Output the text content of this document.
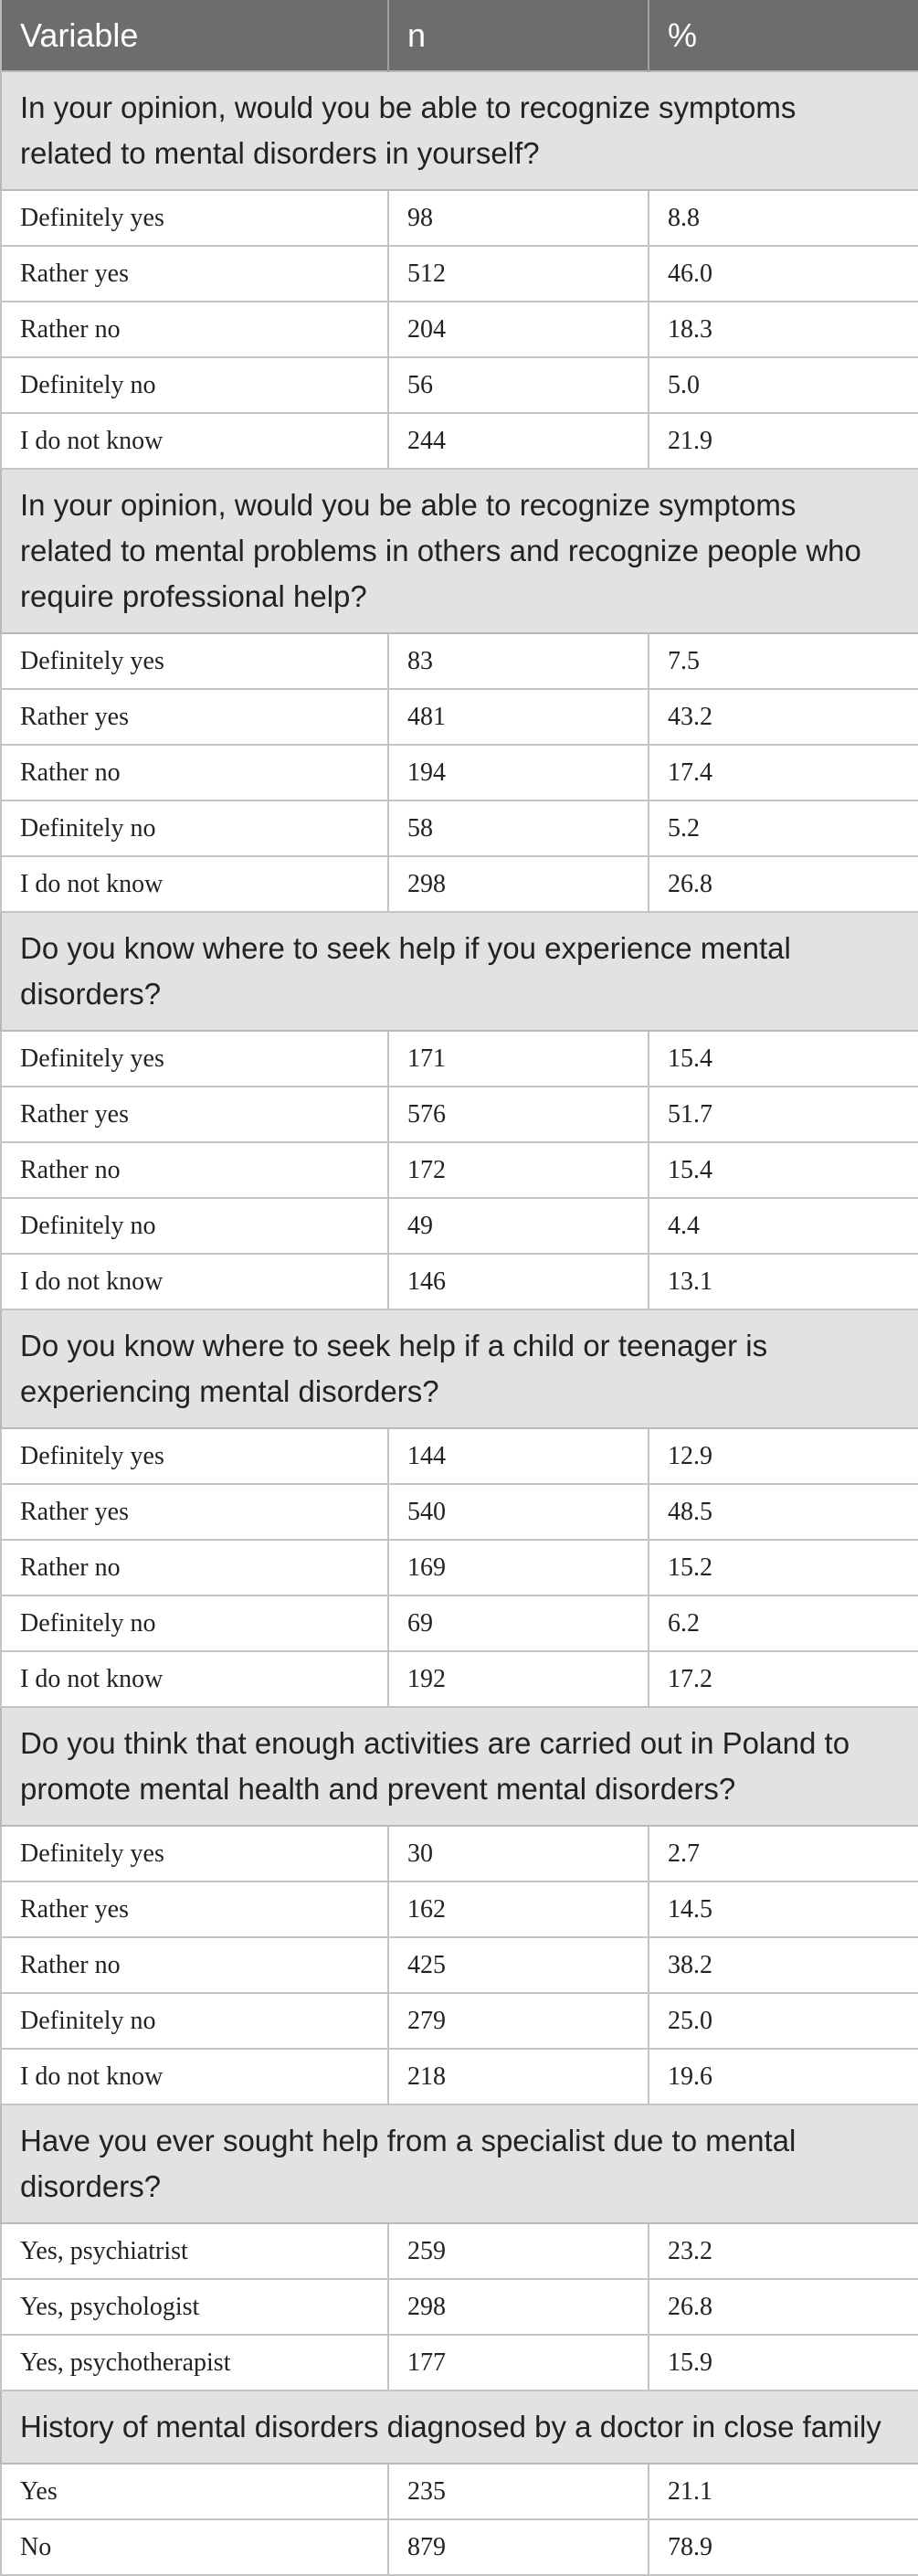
Variable	n	%
In your opinion, would you be able to recognize symptoms related to mental disorders in yourself?		
Definitely yes	98	8.8
Rather yes	512	46.0
Rather no	204	18.3
Definitely no	56	5.0
I do not know	244	21.9
In your opinion, would you be able to recognize symptoms related to mental problems in others and recognize people who require professional help?		
Definitely yes	83	7.5
Rather yes	481	43.2
Rather no	194	17.4
Definitely no	58	5.2
I do not know	298	26.8
Do you know where to seek help if you experience mental disorders?		
Definitely yes	171	15.4
Rather yes	576	51.7
Rather no	172	15.4
Definitely no	49	4.4
I do not know	146	13.1
Do you know where to seek help if a child or teenager is experiencing mental disorders?		
Definitely yes	144	12.9
Rather yes	540	48.5
Rather no	169	15.2
Definitely no	69	6.2
I do not know	192	17.2
Do you think that enough activities are carried out in Poland to promote mental health and prevent mental disorders?		
Definitely yes	30	2.7
Rather yes	162	14.5
Rather no	425	38.2
Definitely no	279	25.0
I do not know	218	19.6
Have you ever sought help from a specialist due to mental disorders?		
Yes, psychiatrist	259	23.2
Yes, psychologist	298	26.8
Yes, psychotherapist	177	15.9
History of mental disorders diagnosed by a doctor in close family		
Yes	235	21.1
No	879	78.9
